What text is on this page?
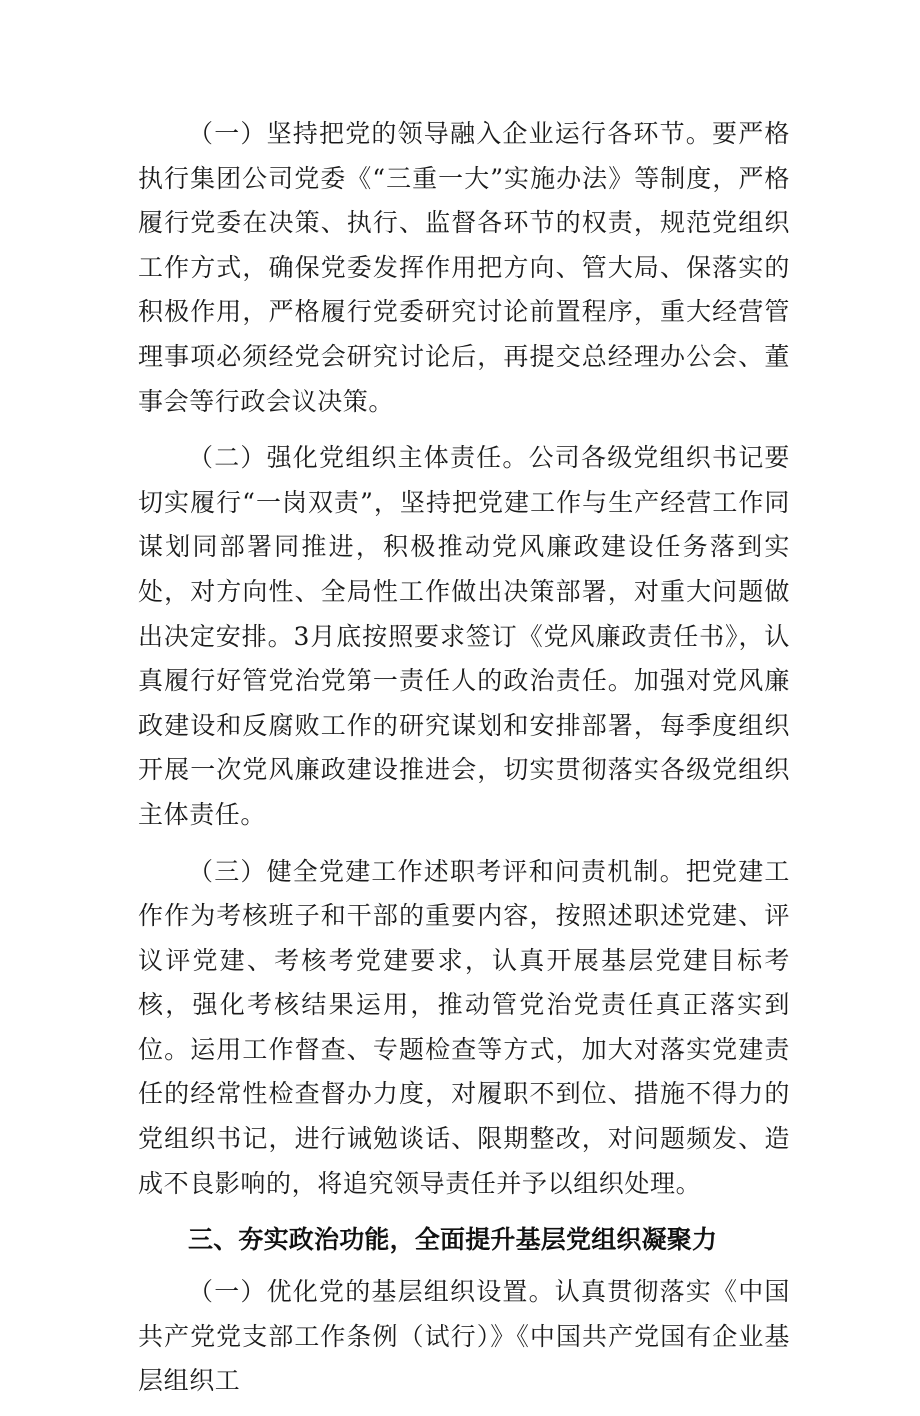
（一）坚持把党的领导融入企业运行各环节。要严格执行集团公司党委《“三重一大”实施办法》等制度，严格履行党委在决策、执行、监督各环节的权责，规范党组织工作方式，确保党委发挥作用把方向、管大局、保落实的积极作用，严格履行党委研究讨论前置程序，重大经营管理事项必须经党会研究讨论后，再提交总经理办公会、董事会等行政会议决策。

（二）强化党组织主体责任。公司各级党组织书记要切实履行“一岗双责”，坚持把党建工作与生产经营工作同谋划同部署同推进，积极推动党风廉政建设任务落到实处，对方向性、全局性工作做出决策部署，对重大问题做出决定安排。3月底按照要求签订《党风廉政责任书》，认真履行好管党治党第一责任人的政治责任。加强对党风廉政建设和反腐败工作的研究谋划和安排部署，每季度组织开展一次党风廉政建设推进会，切实贯彻落实各级党组织主体责任。

（三）健全党建工作述职考评和问责机制。把党建工作作为考核班子和干部的重要内容，按照述职述党建、评议评党建、考核考党建要求，认真开展基层党建目标考核，强化考核结果运用，推动管党治党责任真正落实到位。运用工作督查、专题检查等方式，加大对落实党建责任的经常性检查督办力度，对履职不到位、措施不得力的党组织书记，进行诫勉谈话、限期整改，对问题频发、造成不良影响的，将追究领导责任并予以组织处理。

三、夯实政治功能，全面提升基层党组织凝聚力

（一）优化党的基层组织设置。认真贯彻落实《中国共产党党支部工作条例（试行）》《中国共产党国有企业基层组织工
